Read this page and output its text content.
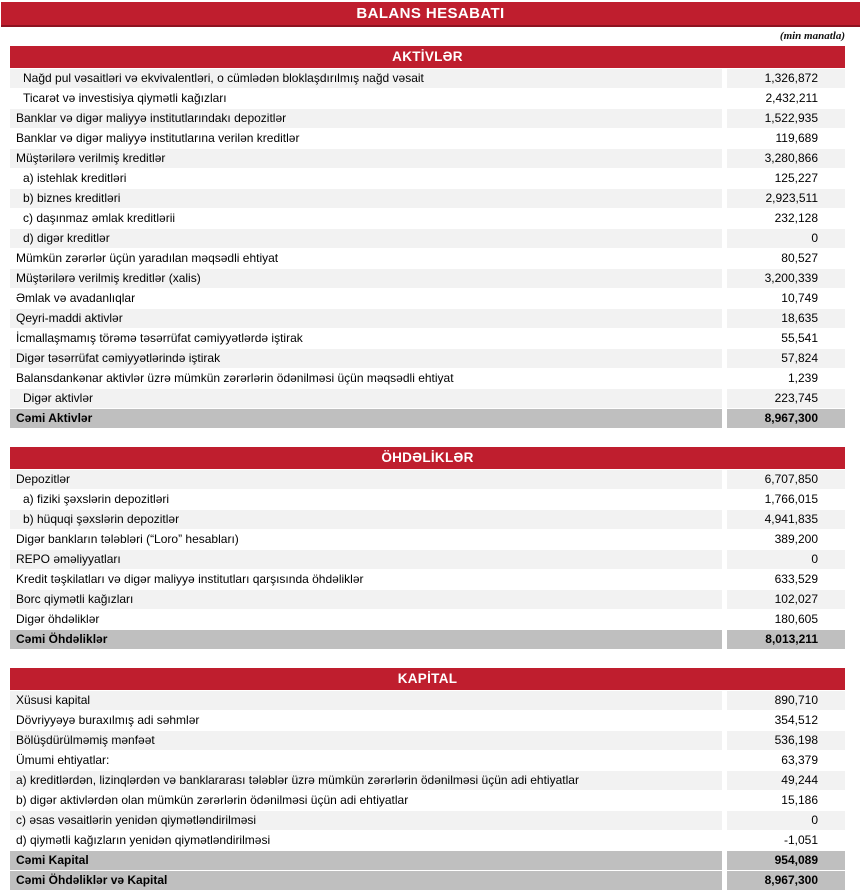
BALANS HESABATI
(min manatla)
AKTİVLƏR
Nağd pul vəsaitləri və ekvivalentləri, o cümlədən bloklaşdırılmış nağd vəsait	1,326,872
Ticarət və investisiya qiymətli kağızları	2,432,211
Banklar və digər maliyyə institutlarındakı depozitlər	1,522,935
Banklar və digər maliyyə institutlarına verilən kreditlər	119,689
Müştərilərə verilmiş kreditlər	3,280,866
a) istehlak kreditləri	125,227
b) biznes kreditləri	2,923,511
c) daşınmaz əmlak kreditlərii	232,128
d) digər kreditlər	0
Mümkün zərərlər üçün yaradılan məqsədli ehtiyat	80,527
Müştərilərə verilmiş kreditlər (xalis)	3,200,339
Əmlak və avadanlıqlar	10,749
Qeyri-maddi aktivlər	18,635
İcmallaşmamış törəmə təsərrüfat cəmiyyətlərdə iştirak	55,541
Digər təsərrüfat cəmiyyətlərində iştirak	57,824
Balansdankənar aktivlər üzrə mümkün zərərlərin ödənilməsi üçün məqsədli ehtiyat	1,239
Digər aktivlər	223,745
Cəmi Aktivlər	8,967,300
ÖHDƏLİKLƏR
Depozitlər	6,707,850
a) fiziki şəxslərin depozitləri	1,766,015
b) hüquqi şəxslərin depozitlər	4,941,835
Digər bankların tələbləri (“Loro” hesabları)	389,200
REPO əməliyyatları	0
Kredit təşkilatları və digər maliyyə institutları qarşısında öhdəliklər	633,529
Borc qiymətli kağızları	102,027
Digər öhdəliklər	180,605
Cəmi Öhdəliklər	8,013,211
KAPİTAL
Xüsusi kapital	890,710
Dövriyyəyə buraxılmış adi səhmlər	354,512
Bölüşdürülməmiş mənfəət	536,198
Ümumi ehtiyatlar:	63,379
a) kreditlərdən, lizinqlərdən və banklararası tələblər üzrə mümkün zərərlərin ödənilməsi üçün adi ehtiyatlar	49,244
b) digər aktivlərdən olan mümkün zərərlərin ödənilməsi üçün adi ehtiyatlar	15,186
c) əsas vəsaitlərin yenidən qiymətləndirilməsi	0
d) qiymətli kağızların yenidən qiymətləndirilməsi	-1,051
Cəmi Kapital	954,089
Cəmi Öhdəliklər və Kapital	8,967,300
